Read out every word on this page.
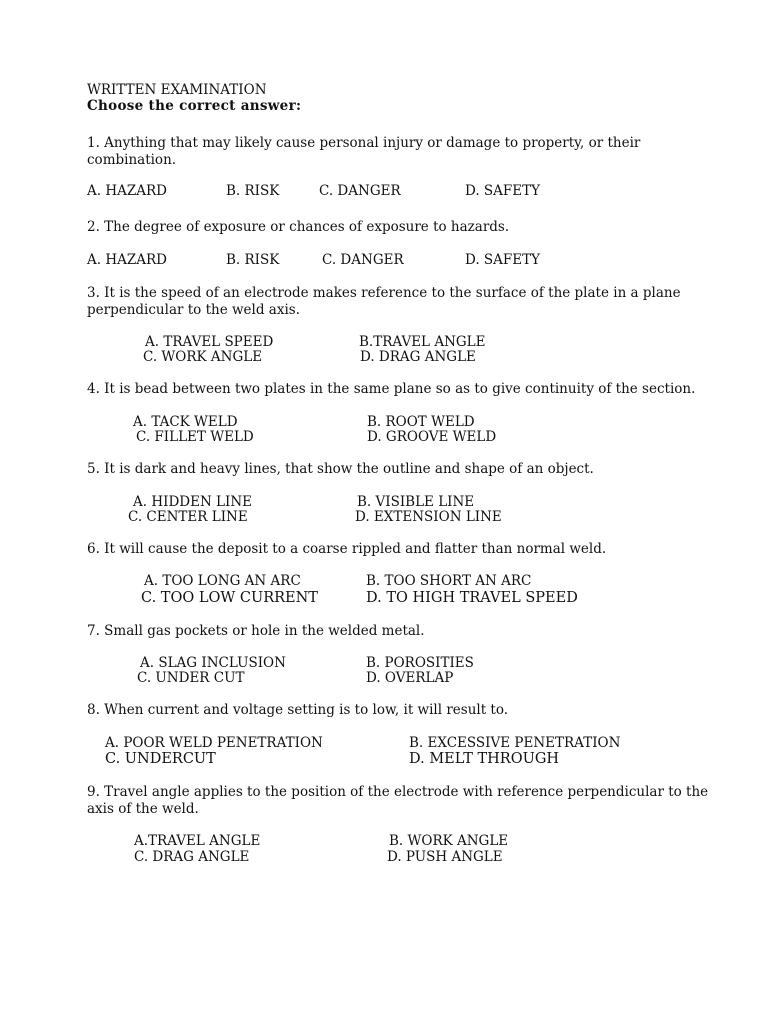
WRITTEN EXAMINATION
Choose the correct answer:
1. Anything that may likely cause personal injury or damage to property, or their
combination.
A. HAZARD	B. RISK	C. DANGER	D. SAFETY
2. The degree of exposure or chances of exposure to hazards.
A. HAZARD	B. RISK	C. DANGER	D. SAFETY
3. It is the speed of an electrode makes reference to the surface of the plate in a plane
perpendicular to the weld axis.
A. TRAVEL SPEED	B.TRAVEL ANGLE
C. WORK ANGLE	D. DRAG ANGLE
4. It is bead between two plates in the same plane so as to give continuity of the section.
A. TACK WELD	B. ROOT WELD
C. FILLET WELD	D. GROOVE WELD
5. It is dark and heavy lines, that show the outline and shape of an object.
A. HIDDEN LINE	B. VISIBLE LINE
C. CENTER LINE	D. EXTENSION LINE
6. It will cause the deposit to a coarse rippled and flatter than normal weld.
A. TOO LONG AN ARC	B. TOO SHORT AN ARC
C. TOO LOW CURRENT	D. TO HIGH TRAVEL SPEED
7. Small gas pockets or hole in the welded metal.
A. SLAG INCLUSION	B. POROSITIES
C. UNDER CUT	D. OVERLAP
8. When current and voltage setting is to low, it will result to.
A. POOR WELD PENETRATION	B. EXCESSIVE PENETRATION
C. UNDERCUT	D. MELT THROUGH
9. Travel angle applies to the position of the electrode with reference perpendicular to the
axis of the weld.
A.TRAVEL ANGLE	B. WORK ANGLE
C. DRAG ANGLE	D. PUSH ANGLE
